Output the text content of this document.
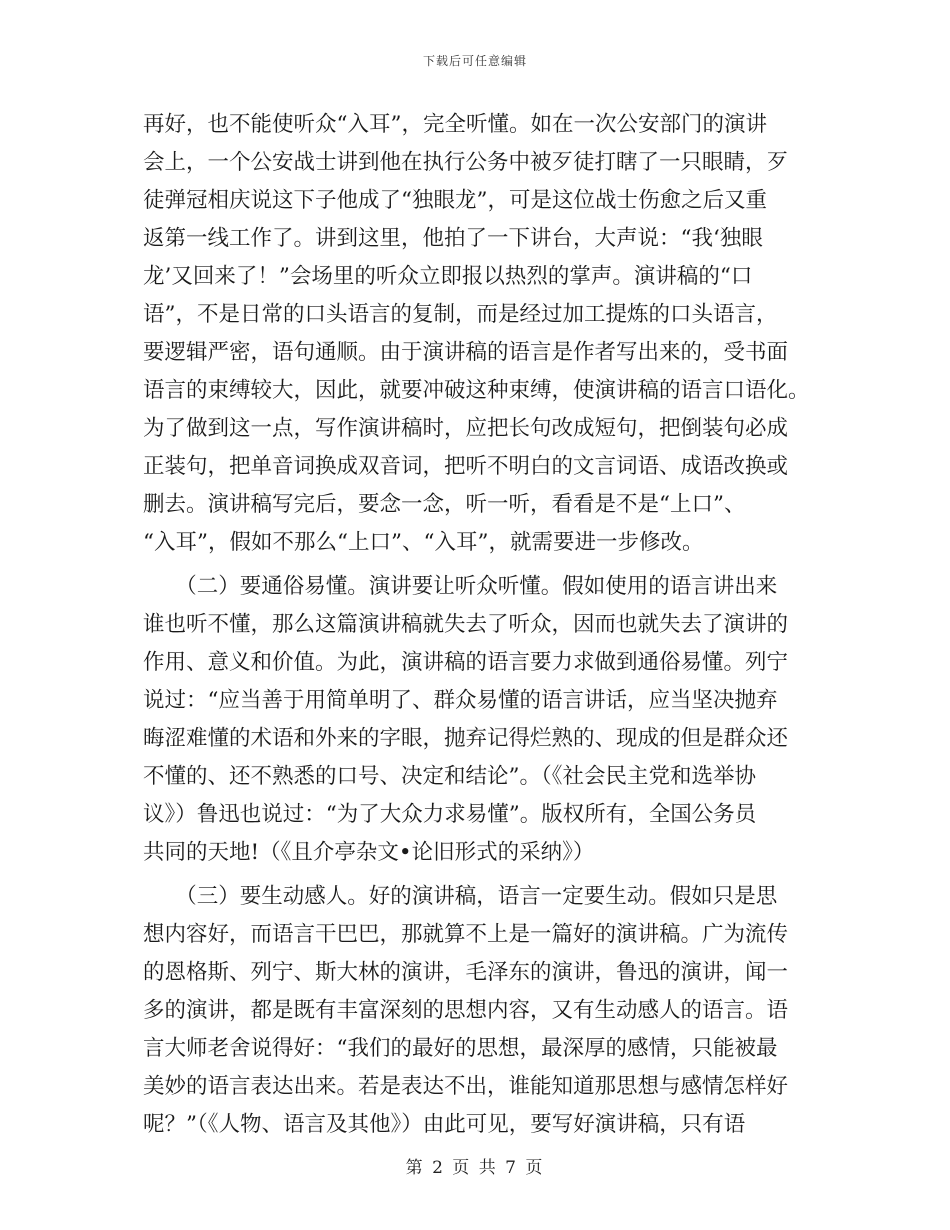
下载后可任意编辑
再好，也不能使听众“入耳”，完全听懂。如在一次公安部门的演讲
会上，一个公安战士讲到他在执行公务中被歹徒打瞎了一只眼睛，歹
徒弹冠相庆说这下子他成了“独眼龙”，可是这位战士伤愈之后又重
返第一线工作了。讲到这里，他拍了一下讲台，大声说：“我‘独眼
龙’又回来了！”会场里的听众立即报以热烈的掌声。演讲稿的“口
语”，不是日常的口头语言的复制，而是经过加工提炼的口头语言，
要逻辑严密，语句通顺。由于演讲稿的语言是作者写出来的，受书面
语言的束缚较大，因此，就要冲破这种束缚，使演讲稿的语言口语化。
为了做到这一点，写作演讲稿时，应把长句改成短句，把倒装句必成
正装句，把单音词换成双音词，把听不明白的文言词语、成语改换或
删去。演讲稿写完后，要念一念，听一听，看看是不是“上口”、
“入耳”，假如不那么“上口”、“入耳”，就需要进一步修改。
　　（二）要通俗易懂。演讲要让听众听懂。假如使用的语言讲出来
谁也听不懂，那么这篇演讲稿就失去了听众，因而也就失去了演讲的
作用、意义和价值。为此，演讲稿的语言要力求做到通俗易懂。列宁
说过：“应当善于用简单明了、群众易懂的语言讲话，应当坚决抛弃
晦涩难懂的术语和外来的字眼，抛弃记得烂熟的、现成的但是群众还
不懂的、还不熟悉的口号、决定和结论”。（《社会民主党和选举协
议》）鲁迅也说过：“为了大众力求易懂”。版权所有，全国公务员
共同的天地!（《且介亭杂文•论旧形式的采纳》）
　　（三）要生动感人。好的演讲稿，语言一定要生动。假如只是思
想内容好，而语言干巴巴，那就算不上是一篇好的演讲稿。广为流传
的恩格斯、列宁、斯大林的演讲，毛泽东的演讲，鲁迅的演讲，闻一
多的演讲，都是既有丰富深刻的思想内容，又有生动感人的语言。语
言大师老舍说得好：“我们的最好的思想，最深厚的感情，只能被最
美妙的语言表达出来。若是表达不出，谁能知道那思想与感情怎样好
呢？”（《人物、语言及其他》）由此可见，要写好演讲稿，只有语
第 2 页 共 7 页
